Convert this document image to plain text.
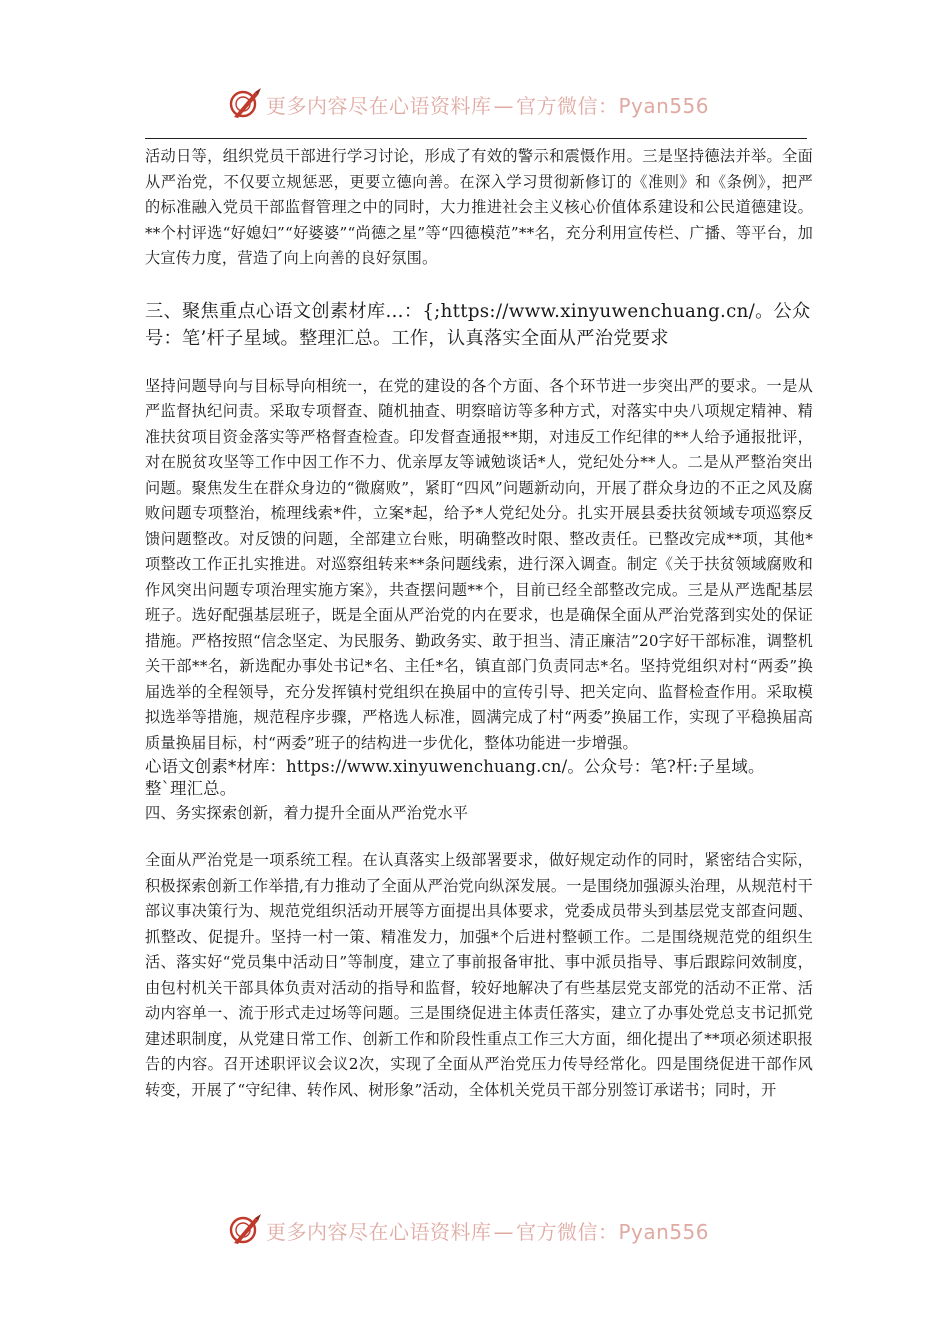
更多内容尽在心语资料库 — 官方微信：Pyan556

活动日等，组织党员干部进行学习讨论，形成了有效的警示和震慑作用。三是坚持德法并举。全面从严治党，不仅要立规惩恶，更要立德向善。在深入学习贯彻新修订的《准则》和《条例》，把严的标准融入党员干部监督管理之中的同时，大力推进社会主义核心价值体系建设和公民道德建设。**个村评选“好媳妇”“好婆婆”“尚德之星”等“四德模范”**名，充分利用宣传栏、广播、等平台，加大宣传力度，营造了向上向善的良好氛围。

三、聚焦重点心语文创素材库…：{;https://www.xinyuwenchuang.cn/。公众号：笔’杆子星域。整理汇总。工作，认真落实全面从严治党要求

坚持问题导向与目标导向相统一，在党的建设的各个方面、各个环节进一步突出严的要求。一是从严监督执纪问责。采取专项督查、随机抽查、明察暗访等多种方式，对落实中央八项规定精神、精准扶贫项目资金落实等严格督查检查。印发督查通报**期，对违反工作纪律的**人给予通报批评，对在脱贫攻坚等工作中因工作不力、优亲厚友等诫勉谈话*人，党纪处分**人。二是从严整治突出问题。聚焦发生在群众身边的“微腐败”，紧盯“四风”问题新动向，开展了群众身边的不正之风及腐败问题专项整治，梳理线索*件，立案*起，给予*人党纪处分。扎实开展县委扶贫领域专项巡察反馈问题整改。对反馈的问题，全部建立台账，明确整改时限、整改责任。已整改完成**项，其他*项整改工作正扎实推进。对巡察组转来**条问题线索，进行深入调查。制定《关于扶贫领域腐败和作风突出问题专项治理实施方案》，共查摆问题**个，目前已经全部整改完成。三是从严选配基层班子。选好配强基层班子，既是全面从严治党的内在要求，也是确保全面从严治党落到实处的保证措施。严格按照“信念坚定、为民服务、勤政务实、敢于担当、清正廉洁”20字好干部标准，调整机关干部**名，新选配办事处书记*名、主任*名，镇直部门负责同志*名。坚持党组织对村“两委”换届选举的全程领导，充分发挥镇村党组织在换届中的宣传引导、把关定向、监督检查作用。采取模拟选举等措施，规范程序步骤，严格选人标准，圆满完成了村“两委”换届工作，实现了平稳换届高质量换届目标，村“两委”班子的结构进一步优化，整体功能进一步增强。

心语文创素*材库：https://www.xinyuwenchuang.cn/。公众号：笔?杆:子星域。

整`理汇总。

四、务实探索创新，着力提升全面从严治党水平

全面从严治党是一项系统工程。在认真落实上级部署要求，做好规定动作的同时，紧密结合实际，积极探索创新工作举措,有力推动了全面从严治党向纵深发展。一是围绕加强源头治理，从规范村干部议事决策行为、规范党组织活动开展等方面提出具体要求，党委成员带头到基层党支部查问题、抓整改、促提升。坚持一村一策、精准发力，加强*个后进村整顿工作。二是围绕规范党的组织生活、落实好“党员集中活动日”等制度，建立了事前报备审批、事中派员指导、事后跟踪问效制度，由包村机关干部具体负责对活动的指导和监督，较好地解决了有些基层党支部党的活动不正常、活动内容单一、流于形式走过场等问题。三是围绕促进主体责任落实，建立了办事处党总支书记抓党建述职制度，从党建日常工作、创新工作和阶段性重点工作三大方面，细化提出了**项必须述职报告的内容。召开述职评议会议2次，实现了全面从严治党压力传导经常化。四是围绕促进干部作风转变，开展了“守纪律、转作风、树形象”活动，全体机关党员干部分别签订承诺书；同时，开

更多内容尽在心语资料库 — 官方微信：Pyan556
